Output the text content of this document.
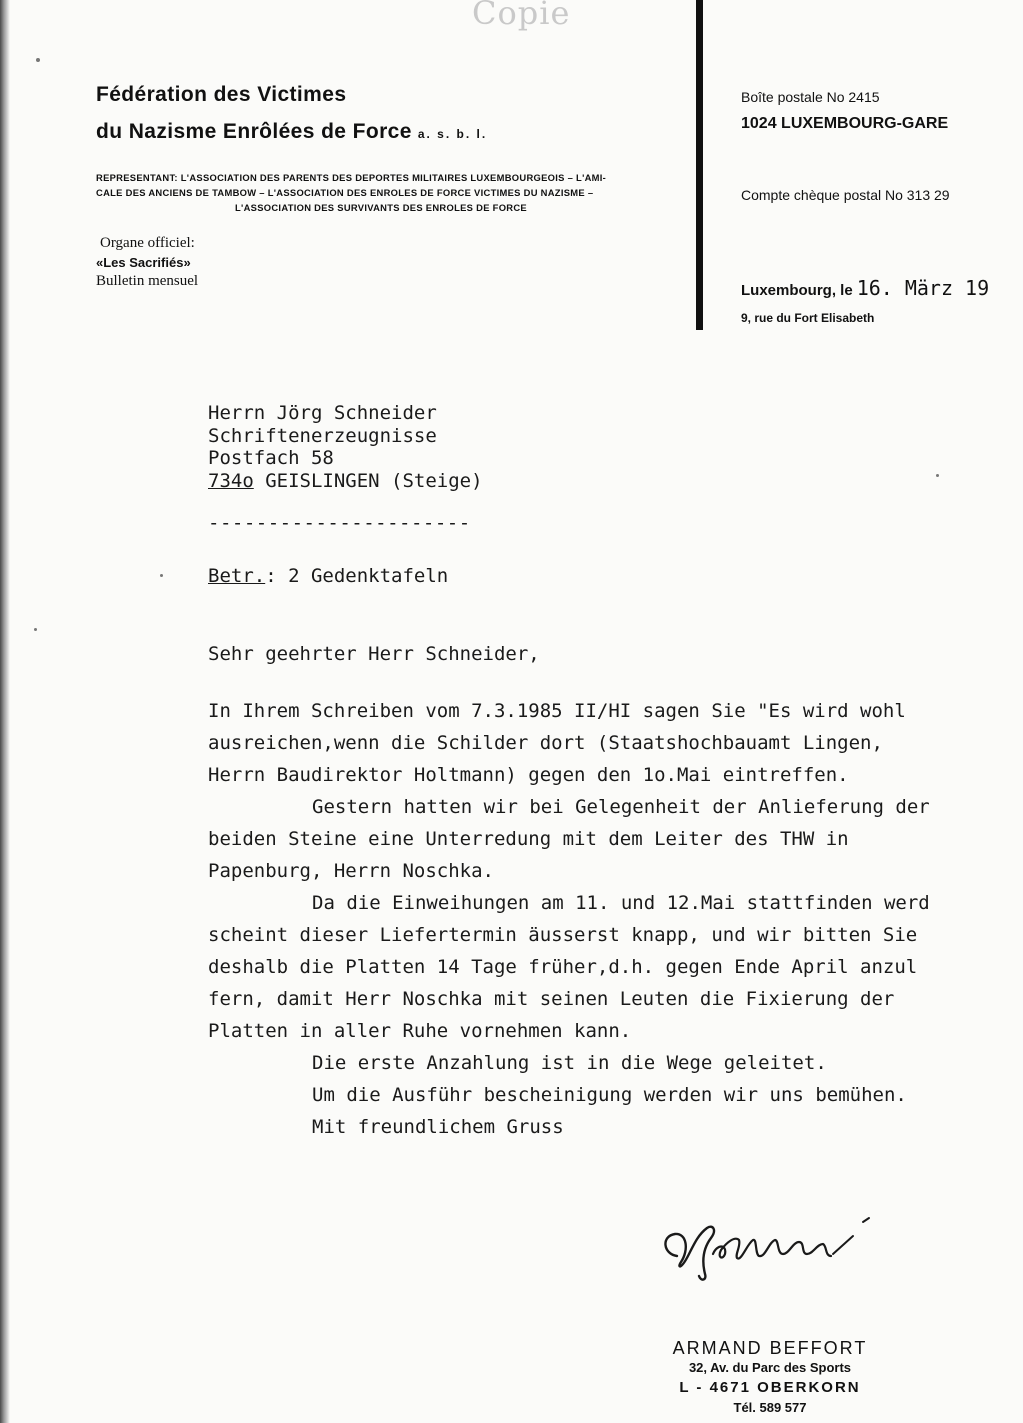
Copie
Fédération des Victimes
du Nazisme Enrôlées de Force a. s. b. l.
REPRESENTANT: L'ASSOCIATION DES PARENTS DES DEPORTES MILITAIRES LUXEMBOURGEOIS – L'AMI-
CALE DES ANCIENS DE TAMBOW – L'ASSOCIATION DES ENROLES DE FORCE VICTIMES DU NAZISME –
L'ASSOCIATION DES SURVIVANTS DES ENROLES DE FORCE
Organe officiel:
«Les Sacrifiés»
Bulletin mensuel
Boîte postale No 2415
1024 LUXEMBOURG-GARE
Compte chèque postal No 313 29
Luxembourg, le 16. März 19
9, rue du Fort Elisabeth
Herrn Jörg Schneider
Schriftenerzeugnisse
Postfach 58
734o GEISLINGEN (Steige)
----------------------
Betr.: 2 Gedenktafeln
Sehr geehrter Herr Schneider,
In Ihrem Schreiben vom 7.3.1985 II/HI sagen Sie "Es wird wohl
ausreichen,wenn die Schilder dort (Staatshochbauamt Lingen,
Herrn Baudirektor Holtmann) gegen den 1o.Mai eintreffen.
Gestern hatten wir bei Gelegenheit der Anlieferung der
beiden Steine eine Unterredung mit dem Leiter des THW in
Papenburg, Herrn Noschka.
Da die Einweihungen am 11. und 12.Mai stattfinden werd
scheint dieser Liefertermin äusserst knapp, und wir bitten Sie
deshalb die Platten 14 Tage früher,d.h. gegen Ende April anzul
fern, damit Herr Noschka mit seinen Leuten die Fixierung der
Platten in aller Ruhe vornehmen kann.
Die erste Anzahlung ist in die Wege geleitet.
Um die Ausführ bescheinigung werden wir uns bemühen.
Mit freundlichem Gruss
ARMAND BEFFORT
32, Av. du Parc des Sports
L - 4671 OBERKORN
Tél. 589 577
